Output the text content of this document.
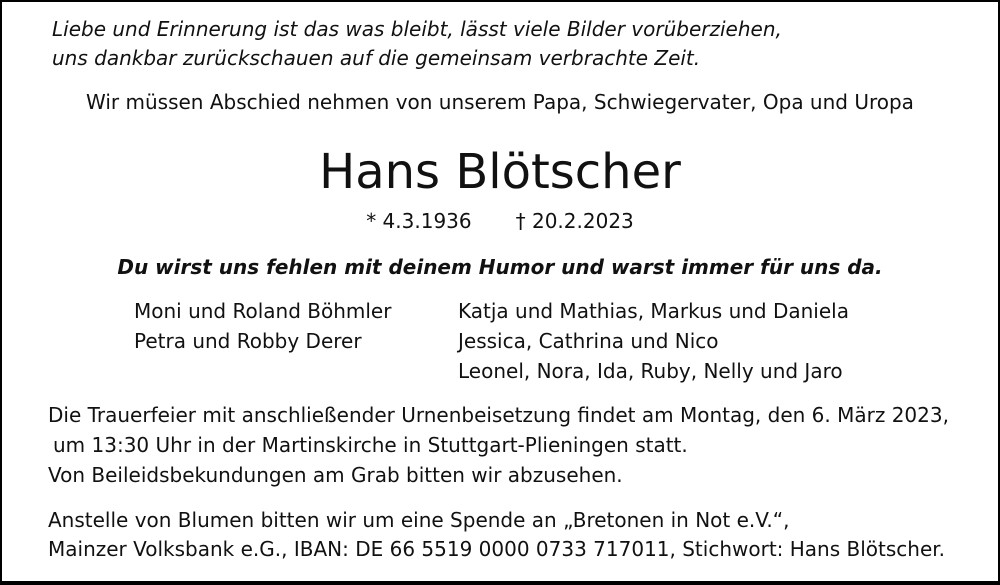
Liebe und Erinnerung ist das was bleibt, lässt viele Bilder vorüberziehen,
uns dankbar zurückschauen auf die gemeinsam verbrachte Zeit.
Wir müssen Abschied nehmen von unserem Papa, Schwiegervater, Opa und Uropa
Hans Blötscher
* 4.3.1936 † 20.2.2023
Du wirst uns fehlen mit deinem Humor und warst immer für uns da.
Moni und Roland Böhmler
Petra und Robby Derer
Katja und Mathias, Markus und Daniela
Jessica, Cathrina und Nico
Leonel, Nora, Ida, Ruby, Nelly und Jaro
Die Trauerfeier mit anschließender Urnenbeisetzung findet am Montag, den 6. März 2023,
um 13:30 Uhr in der Martinskirche in Stuttgart-Plieningen statt.
Von Beileidsbekundungen am Grab bitten wir abzusehen.
Anstelle von Blumen bitten wir um eine Spende an „Bretonen in Not e.V.“,
Mainzer Volksbank e.G., IBAN: DE 66 5519 0000 0733 717011, Stichwort: Hans Blötscher.
